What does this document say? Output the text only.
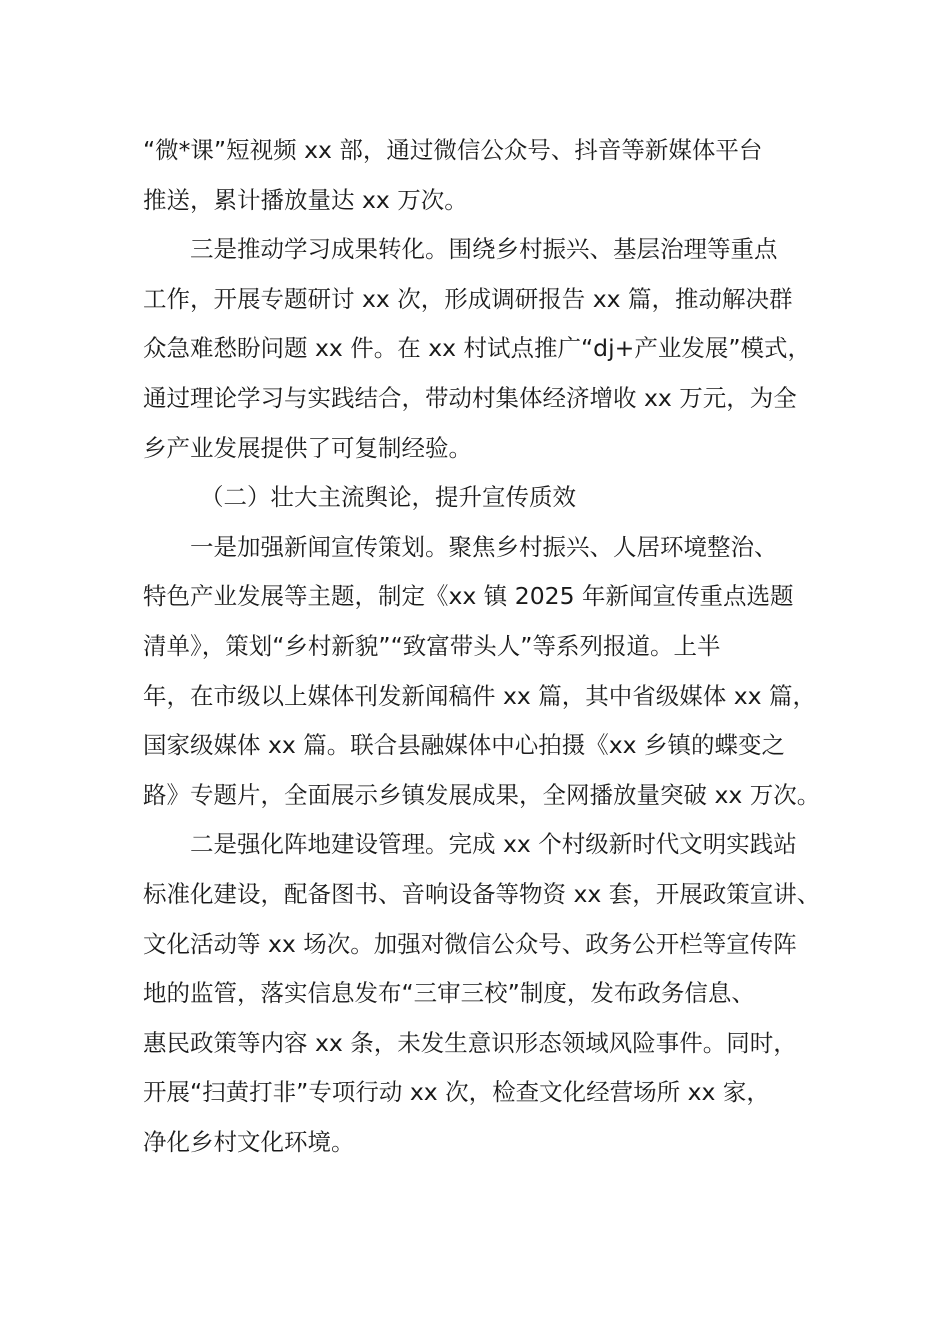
“微*课”短视频 xx 部，通过微信公众号、抖音等新媒体平台
推送，累计播放量达 xx 万次。
三是推动学习成果转化。围绕乡村振兴、基层治理等重点
工作，开展专题研讨 xx 次，形成调研报告 xx 篇，推动解决群
众急难愁盼问题 xx 件。在 xx 村试点推广“dj+产业发展”模式，
通过理论学习与实践结合，带动村集体经济增收 xx 万元，为全
乡产业发展提供了可复制经验。
（二）壮大主流舆论，提升宣传质效
一是加强新闻宣传策划。聚焦乡村振兴、人居环境整治、
特色产业发展等主题，制定《xx 镇 2025 年新闻宣传重点选题
清单》，策划“乡村新貌”“致富带头人”等系列报道。上半
年，在市级以上媒体刊发新闻稿件 xx 篇，其中省级媒体 xx 篇，
国家级媒体 xx 篇。联合县融媒体中心拍摄《xx 乡镇的蝶变之
路》专题片，全面展示乡镇发展成果，全网播放量突破 xx 万次。
二是强化阵地建设管理。完成 xx 个村级新时代文明实践站
标准化建设，配备图书、音响设备等物资 xx 套，开展政策宣讲、
文化活动等 xx 场次。加强对微信公众号、政务公开栏等宣传阵
地的监管，落实信息发布“三审三校”制度，发布政务信息、
惠民政策等内容 xx 条，未发生意识形态领域风险事件。同时，
开展“扫黄打非”专项行动 xx 次，检查文化经营场所 xx 家，
净化乡村文化环境。
